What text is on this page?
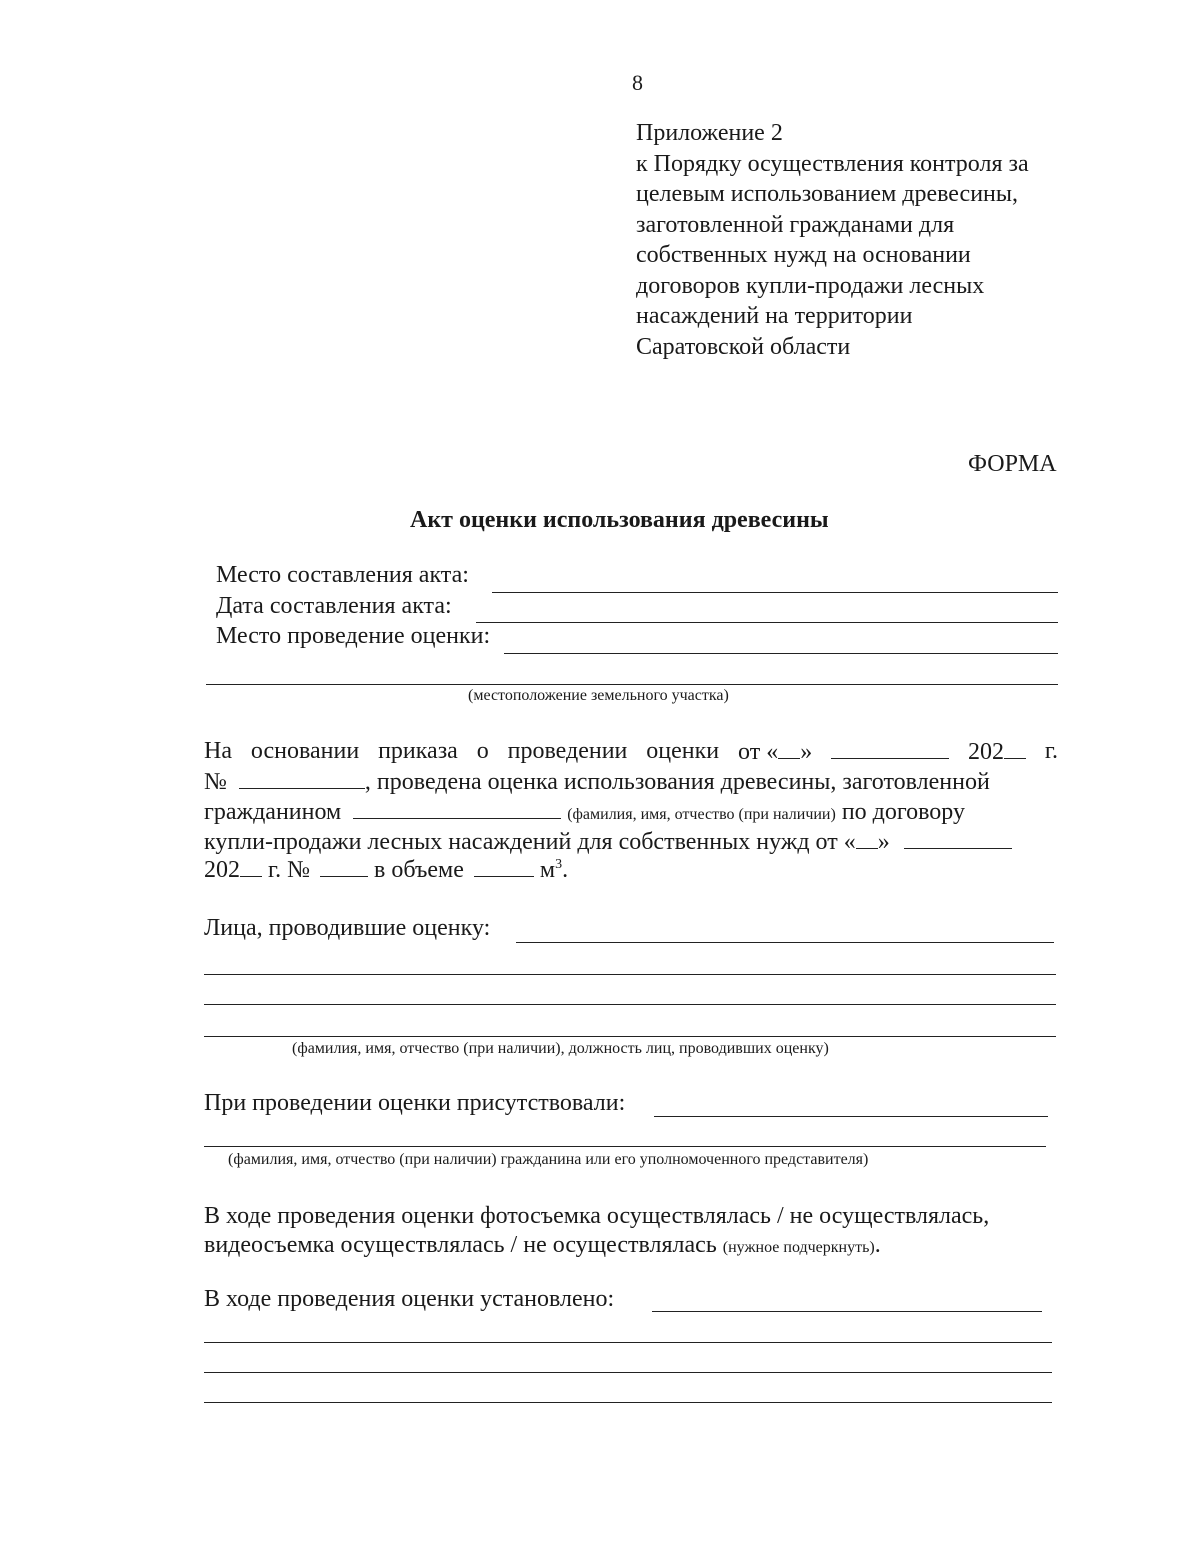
8
Приложение 2
к Порядку осуществления контроля за
целевым использованием древесины,
заготовленной гражданами для
собственных нужд на основании
договоров купли-продажи лесных
насаждений на территории
Саратовской области
ФОРМА
Акт оценки использования древесины
Место составления акта:
Дата составления акта:
Место проведение оценки:
(местоположение земельного участка)
На основании приказа о проведении оценки от « »	202	г.
№	, проведена оценка использования древесины, заготовленной
гражданином	(фамилия, имя, отчество (при наличии) по договору
купли-продажи лесных насаждений для собственных нужд от « »
202 г. №	в объеме	$м^3$.
Лица, проводившие оценку:
(фамилия, имя, отчество (при наличии), должность лиц, проводивших оценку)
При проведении оценки присутствовали:
(фамилия, имя, отчество (при наличии) гражданина или его уполномоченного представителя)
В ходе проведения оценки фотосъемка осуществлялась / не осуществлялась,
видеосъемка осуществлялась / не осуществлялась (нужное подчеркнуть).
В ходе проведения оценки установлено:
